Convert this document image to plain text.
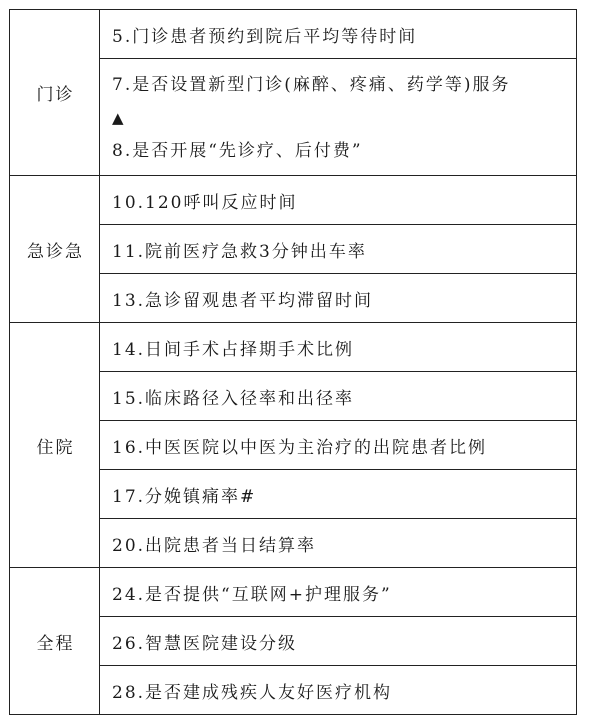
门诊	5.门诊患者预约到院后平均等待时间

	7.是否设置新型门诊(麻醉、疼痛、药学等)服务
▲
8.是否开展“先诊疗、后付费”

急诊急	10.120呼叫反应时间
	11.院前医疗急救3分钟出车率
	13.急诊留观患者平均滞留时间
住院	14.日间手术占择期手术比例
	15.临床路径入径率和出径率
	16.中医医院以中医为主治疗的出院患者比例
	17.分娩镇痛率#
	20.出院患者当日结算率
全程	24.是否提供“互联网+护理服务”
	26.智慧医院建设分级
	28.是否建成残疾人友好医疗机构
